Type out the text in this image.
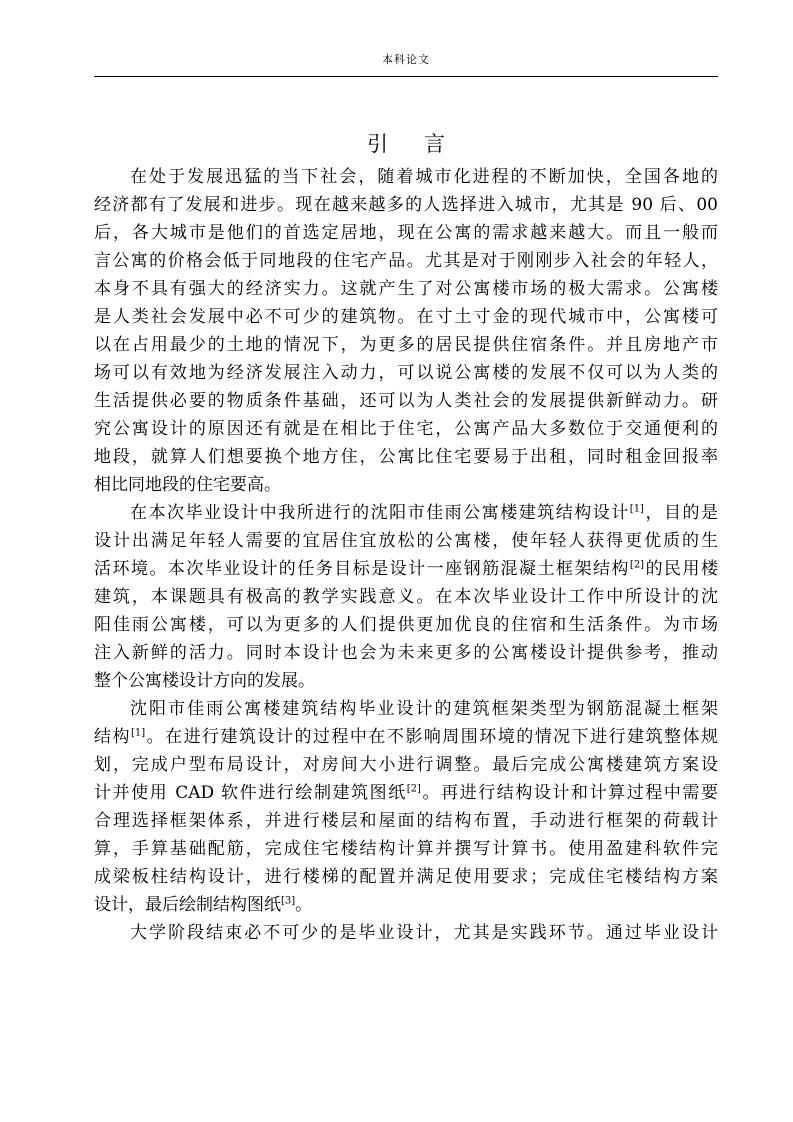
本科论文
引言
在处于发展迅猛的当下社会，随着城市化进程的不断加快，全国各地的
经济都有了发展和进步。现在越来越多的人选择进入城市，尤其是 90 后、00
后，各大城市是他们的首选定居地，现在公寓的需求越来越大。而且一般而
言公寓的价格会低于同地段的住宅产品。尤其是对于刚刚步入社会的年轻人，
本身不具有强大的经济实力。这就产生了对公寓楼市场的极大需求。公寓楼
是人类社会发展中必不可少的建筑物。在寸土寸金的现代城市中，公寓楼可
以在占用最少的土地的情况下，为更多的居民提供住宿条件。并且房地产市
场可以有效地为经济发展注入动力，可以说公寓楼的发展不仅可以为人类的
生活提供必要的物质条件基础，还可以为人类社会的发展提供新鲜动力。研
究公寓设计的原因还有就是在相比于住宅，公寓产品大多数位于交通便利的
地段，就算人们想要换个地方住，公寓比住宅要易于出租，同时租金回报率
相比同地段的住宅要高。
在本次毕业设计中我所进行的沈阳市佳雨公寓楼建筑结构设计[1]，目的是
设计出满足年轻人需要的宜居住宜放松的公寓楼，使年轻人获得更优质的生
活环境。本次毕业设计的任务目标是设计一座钢筋混凝土框架结构[2]的民用楼
建筑，本课题具有极高的教学实践意义。在本次毕业设计工作中所设计的沈
阳佳雨公寓楼，可以为更多的人们提供更加优良的住宿和生活条件。为市场
注入新鲜的活力。同时本设计也会为未来更多的公寓楼设计提供参考，推动
整个公寓楼设计方向的发展。
沈阳市佳雨公寓楼建筑结构毕业设计的建筑框架类型为钢筋混凝土框架
结构[1]。在进行建筑设计的过程中在不影响周围环境的情况下进行建筑整体规
划，完成户型布局设计，对房间大小进行调整。最后完成公寓楼建筑方案设
计并使用 CAD 软件进行绘制建筑图纸[2]。再进行结构设计和计算过程中需要
合理选择框架体系，并进行楼层和屋面的结构布置，手动进行框架的荷载计
算，手算基础配筋，完成住宅楼结构计算并撰写计算书。使用盈建科软件完
成梁板柱结构设计，进行楼梯的配置并满足使用要求；完成住宅楼结构方案
设计，最后绘制结构图纸[3]。
大学阶段结束必不可少的是毕业设计，尤其是实践环节。通过毕业设计
